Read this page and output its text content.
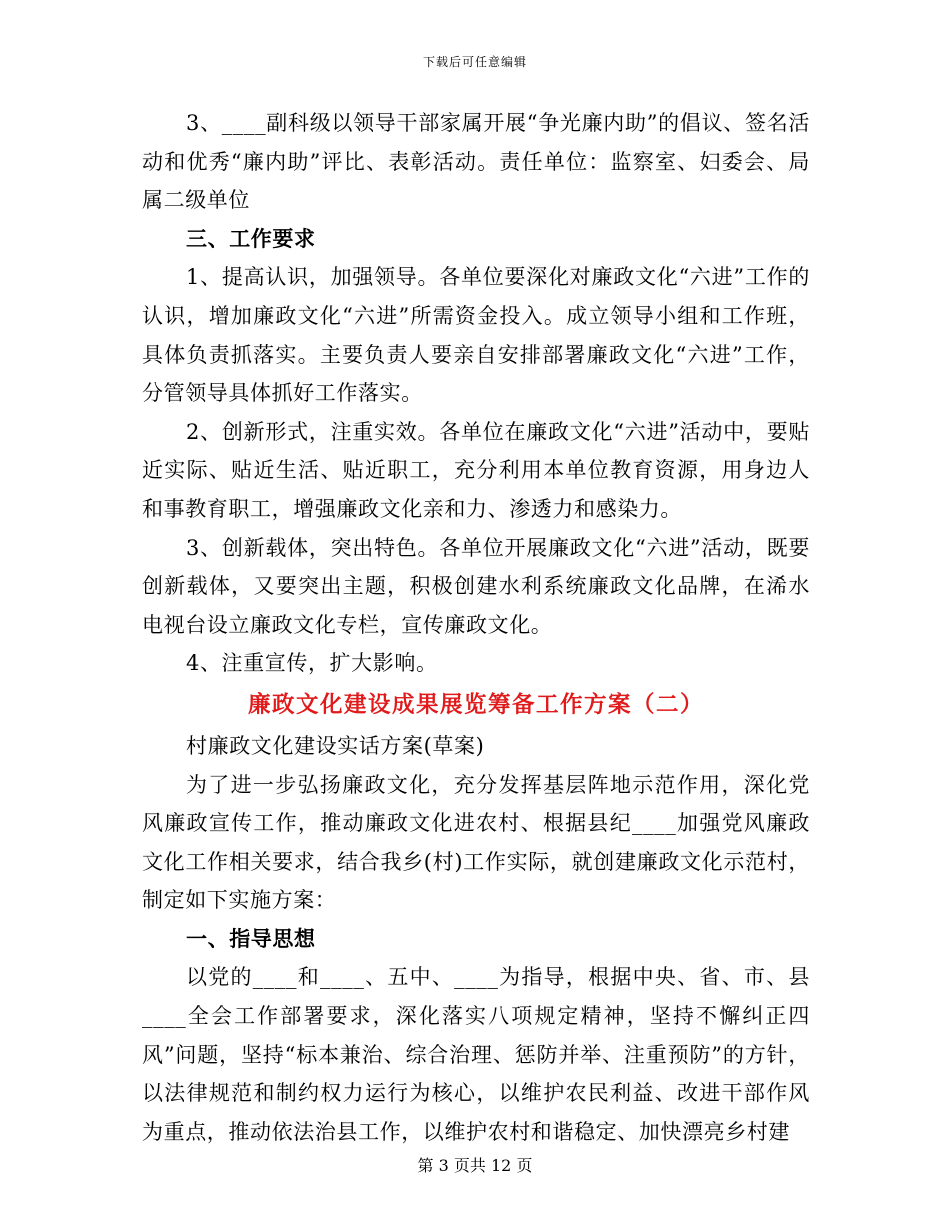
下载后可任意编辑
3、____副科级以领导干部家属开展“争光廉内助”的倡议、签名活动和优秀“廉内助”评比、表彰活动。责任单位：监察室、妇委会、局属二级单位
三、工作要求
1、提高认识，加强领导。各单位要深化对廉政文化“六进”工作的认识，增加廉政文化“六进”所需资金投入。成立领导小组和工作班，具体负责抓落实。主要负责人要亲自安排部署廉政文化“六进”工作，分管领导具体抓好工作落实。
2、创新形式，注重实效。各单位在廉政文化“六进”活动中，要贴近实际、贴近生活、贴近职工，充分利用本单位教育资源，用身边人和事教育职工，增强廉政文化亲和力、渗透力和感染力。
3、创新载体，突出特色。各单位开展廉政文化“六进”活动，既要创新载体，又要突出主题，积极创建水利系统廉政文化品牌，在浠水电视台设立廉政文化专栏，宣传廉政文化。
4、注重宣传，扩大影响。
廉政文化建设成果展览筹备工作方案（二）
村廉政文化建设实话方案(草案)
为了进一步弘扬廉政文化，充分发挥基层阵地示范作用，深化党风廉政宣传工作，推动廉政文化进农村、根据县纪____加强党风廉政文化工作相关要求，结合我乡(村)工作实际，就创建廉政文化示范村，制定如下实施方案：
一、指导思想
以党的____和____、五中、____为指导，根据中央、省、市、县____全会工作部署要求，深化落实八项规定精神，坚持不懈纠正四风”问题，坚持“标本兼治、综合治理、惩防并举、注重预防”的方针，以法律规范和制约权力运行为核心，以维护农民利益、改进干部作风为重点，推动依法治县工作，以维护农村和谐稳定、加快漂亮乡村建
第 3 页共 12 页
